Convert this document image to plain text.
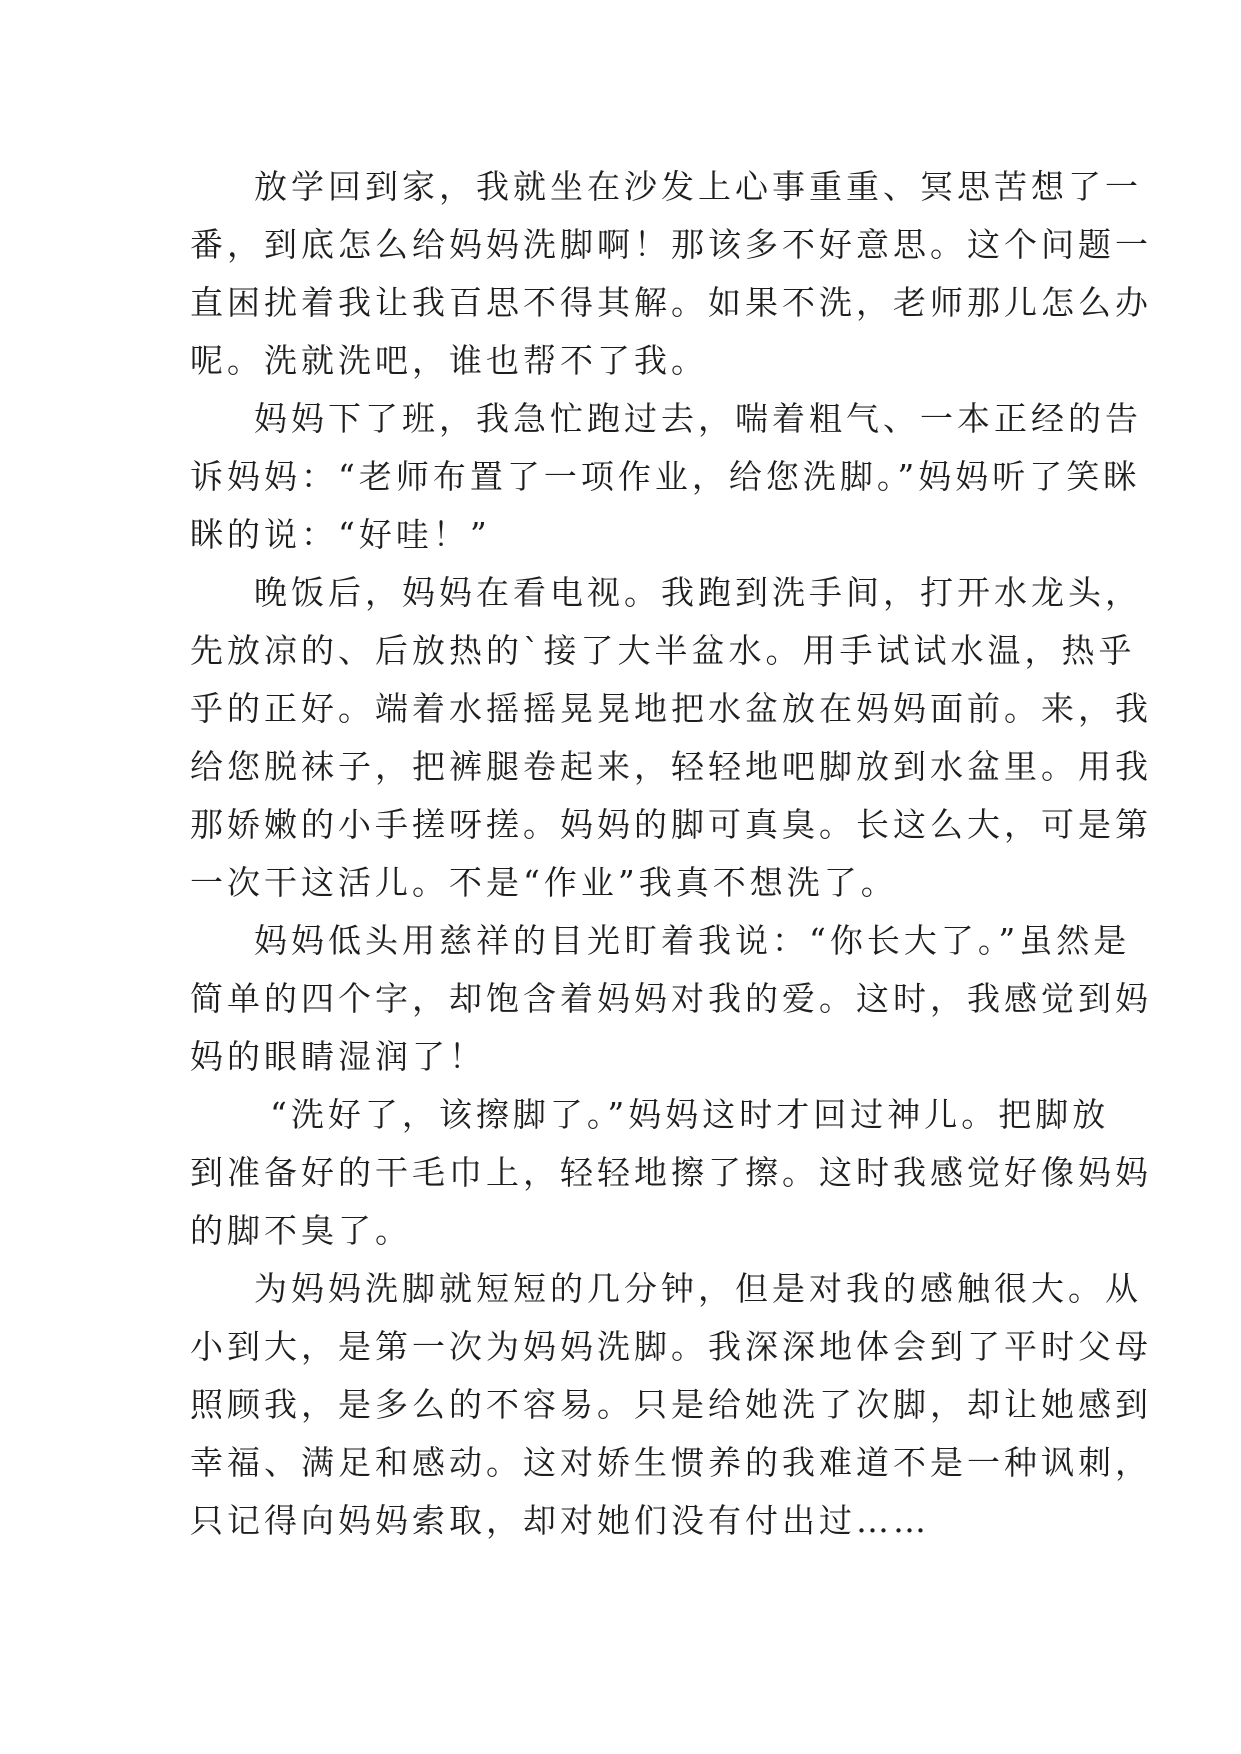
放学回到家，我就坐在沙发上心事重重、冥思苦想了一
番，到底怎么给妈妈洗脚啊！那该多不好意思。这个问题一
直困扰着我让我百思不得其解。如果不洗，老师那儿怎么办
呢。洗就洗吧，谁也帮不了我。
妈妈下了班，我急忙跑过去，喘着粗气、一本正经的告
诉妈妈：“老师布置了一项作业，给您洗脚。”妈妈听了笑眯
眯的说：“好哇！”
晚饭后，妈妈在看电视。我跑到洗手间，打开水龙头，
先放凉的、后放热的`接了大半盆水。用手试试水温，热乎
乎的正好。端着水摇摇晃晃地把水盆放在妈妈面前。来，我
给您脱袜子，把裤腿卷起来，轻轻地吧脚放到水盆里。用我
那娇嫩的小手搓呀搓。妈妈的脚可真臭。长这么大，可是第
一次干这活儿。不是“作业”我真不想洗了。
妈妈低头用慈祥的目光盯着我说：“你长大了。”虽然是
简单的四个字，却饱含着妈妈对我的爱。这时，我感觉到妈
妈的眼睛湿润了！
“洗好了，该擦脚了。”妈妈这时才回过神儿。把脚放
到准备好的干毛巾上，轻轻地擦了擦。这时我感觉好像妈妈
的脚不臭了。
为妈妈洗脚就短短的几分钟，但是对我的感触很大。从
小到大，是第一次为妈妈洗脚。我深深地体会到了平时父母
照顾我，是多么的不容易。只是给她洗了次脚，却让她感到
幸福、满足和感动。这对娇生惯养的我难道不是一种讽刺，
只记得向妈妈索取，却对她们没有付出过……
